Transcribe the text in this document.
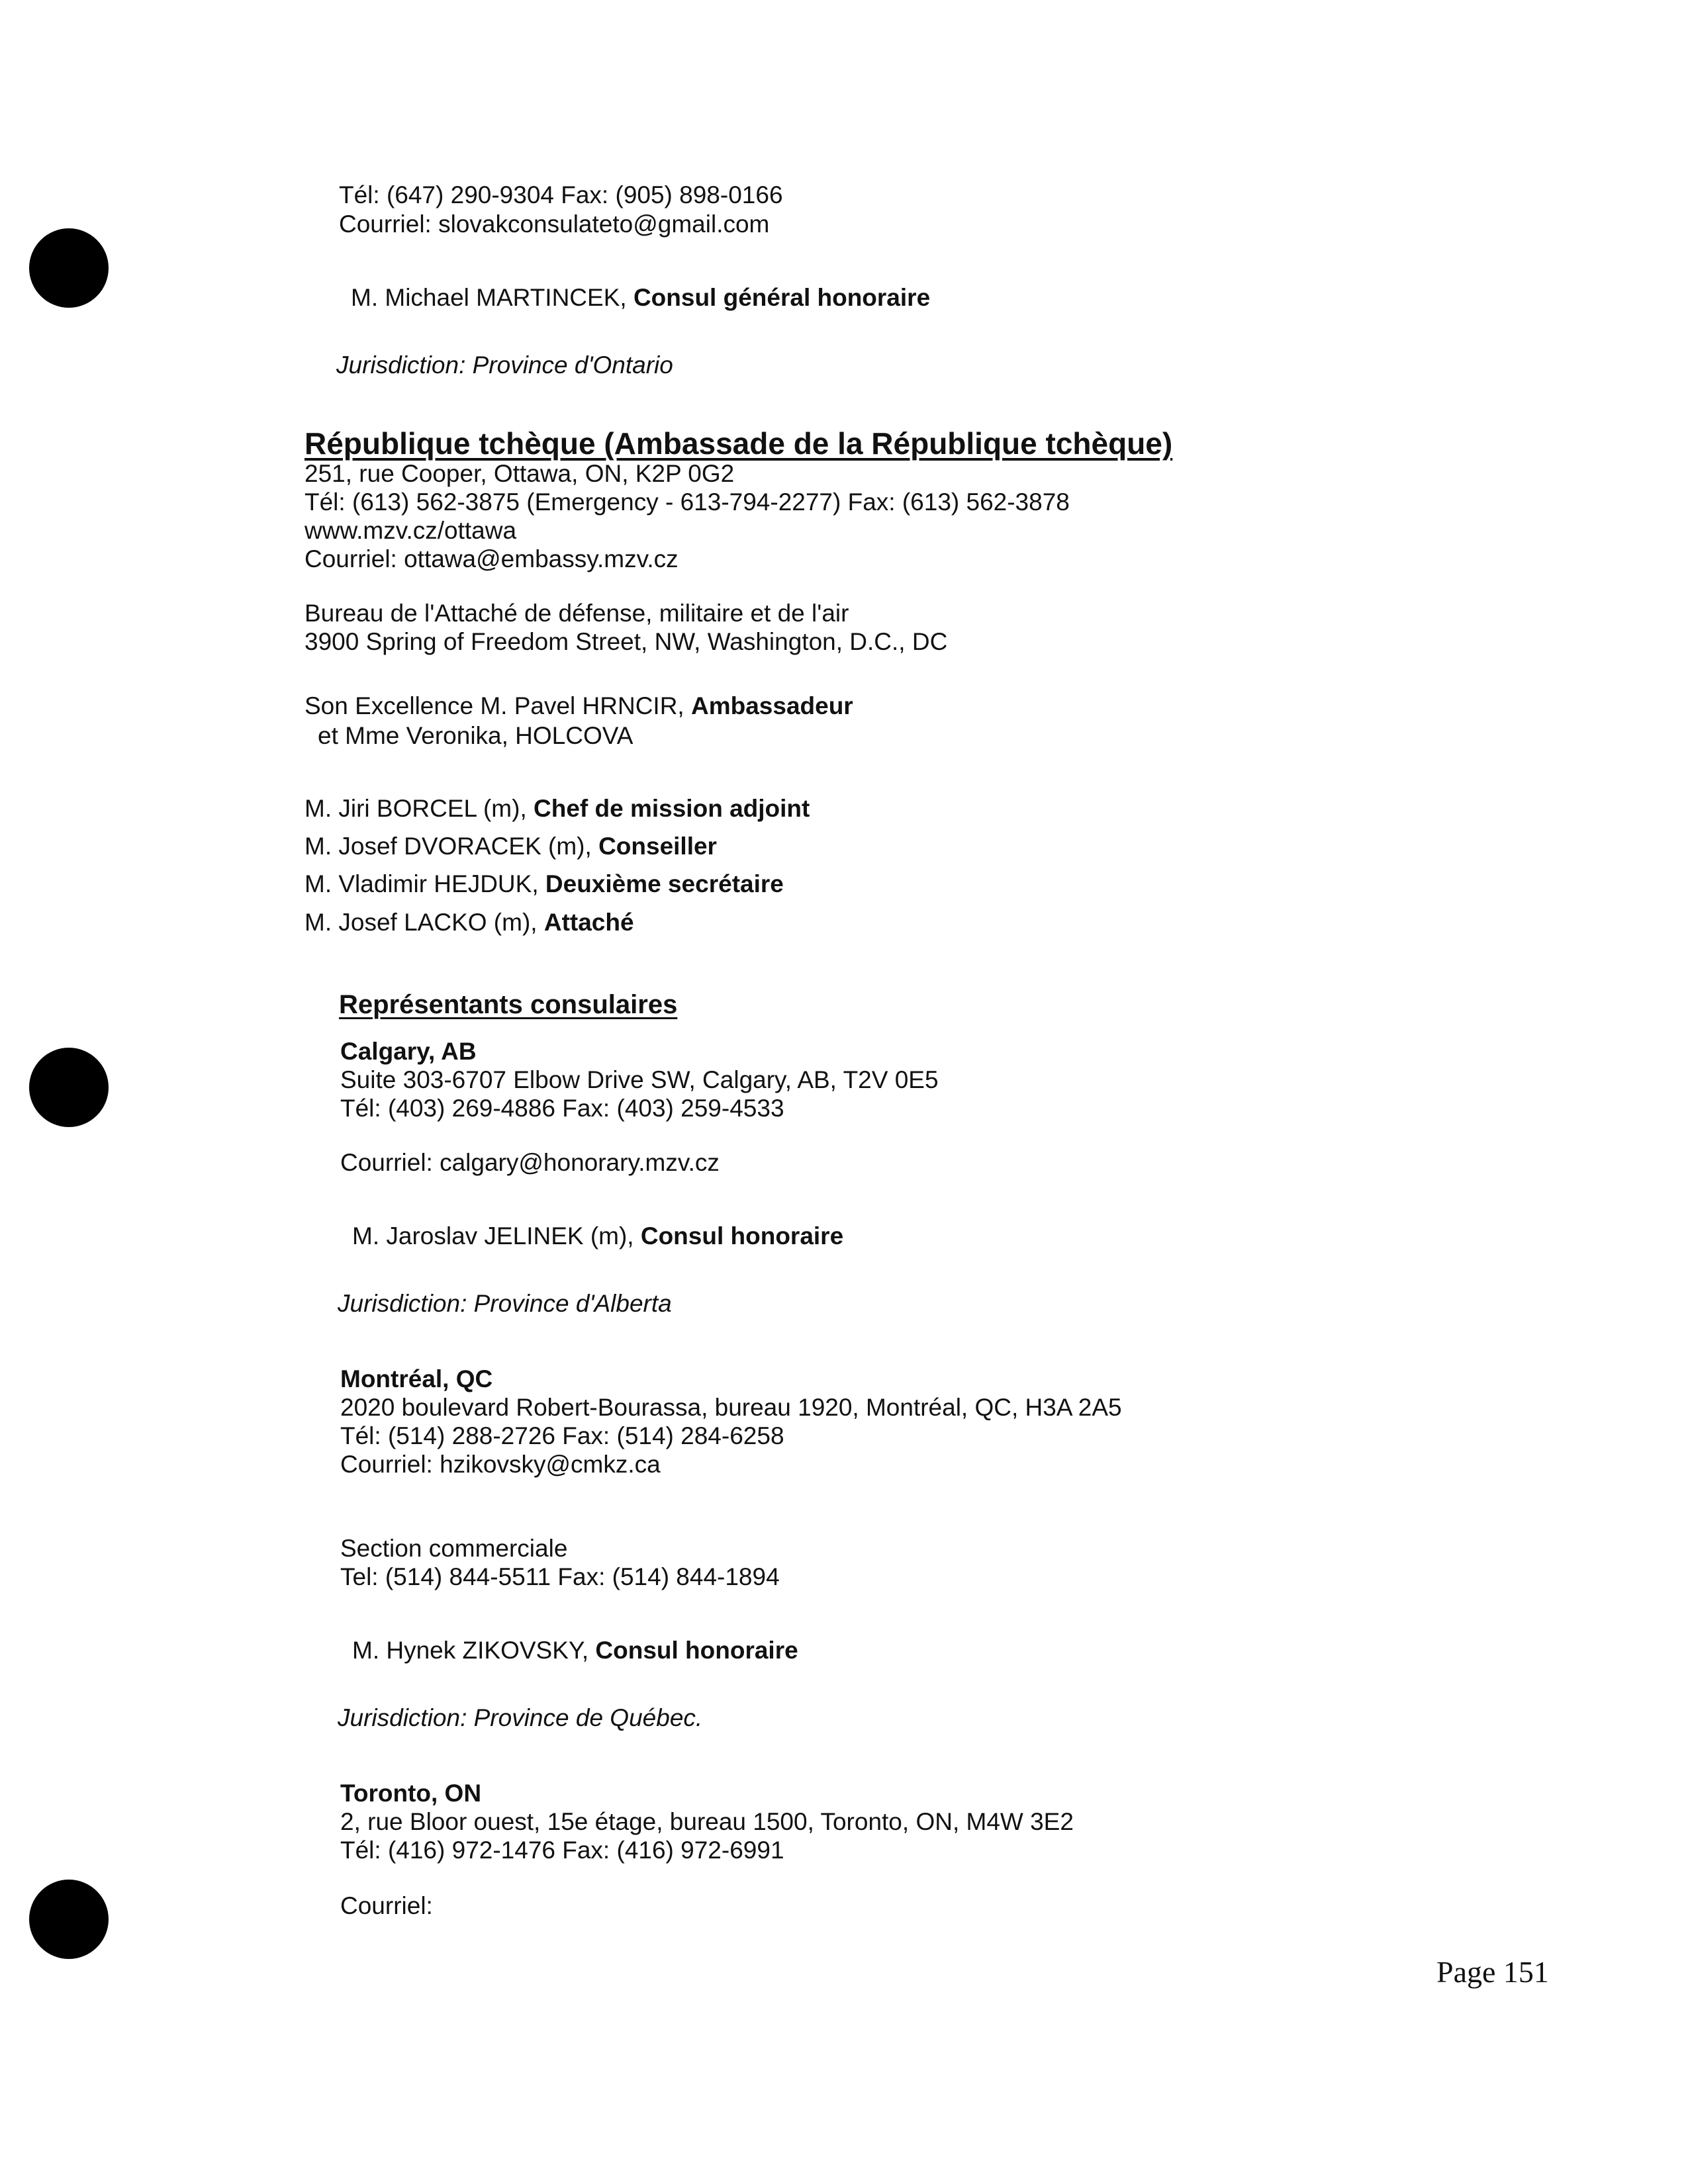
Tél: (647) 290-9304 Fax: (905) 898-0166
Courriel: slovakconsulateto@gmail.com
M. Michael MARTINCEK, Consul général honoraire
Jurisdiction: Province d'Ontario
République tchèque (Ambassade de la République tchèque)
251, rue Cooper, Ottawa, ON, K2P 0G2
Tél: (613) 562-3875 (Emergency - 613-794-2277) Fax: (613) 562-3878
www.mzv.cz/ottawa
Courriel: ottawa@embassy.mzv.cz
Bureau de l'Attaché de défense, militaire et de l'air
3900 Spring of Freedom Street, NW, Washington, D.C., DC
Son Excellence M. Pavel HRNCIR, Ambassadeur
et Mme Veronika, HOLCOVA
M. Jiri BORCEL (m), Chef de mission adjoint
M. Josef DVORACEK (m), Conseiller
M. Vladimir HEJDUK, Deuxième secrétaire
M. Josef LACKO (m), Attaché
Représentants consulaires
Calgary, AB
Suite 303-6707 Elbow Drive SW, Calgary, AB, T2V 0E5
Tél: (403) 269-4886 Fax: (403) 259-4533
Courriel: calgary@honorary.mzv.cz
M. Jaroslav JELINEK (m), Consul honoraire
Jurisdiction: Province d'Alberta
Montréal, QC
2020 boulevard Robert-Bourassa, bureau 1920, Montréal, QC, H3A 2A5
Tél: (514) 288-2726 Fax: (514) 284-6258
Courriel: hzikovsky@cmkz.ca
Section commerciale
Tel: (514) 844-5511 Fax: (514) 844-1894
M. Hynek ZIKOVSKY, Consul honoraire
Jurisdiction: Province de Québec.
Toronto, ON
2, rue Bloor ouest, 15e étage, bureau 1500, Toronto, ON, M4W 3E2
Tél: (416) 972-1476 Fax: (416) 972-6991
Courriel:
Page 151
